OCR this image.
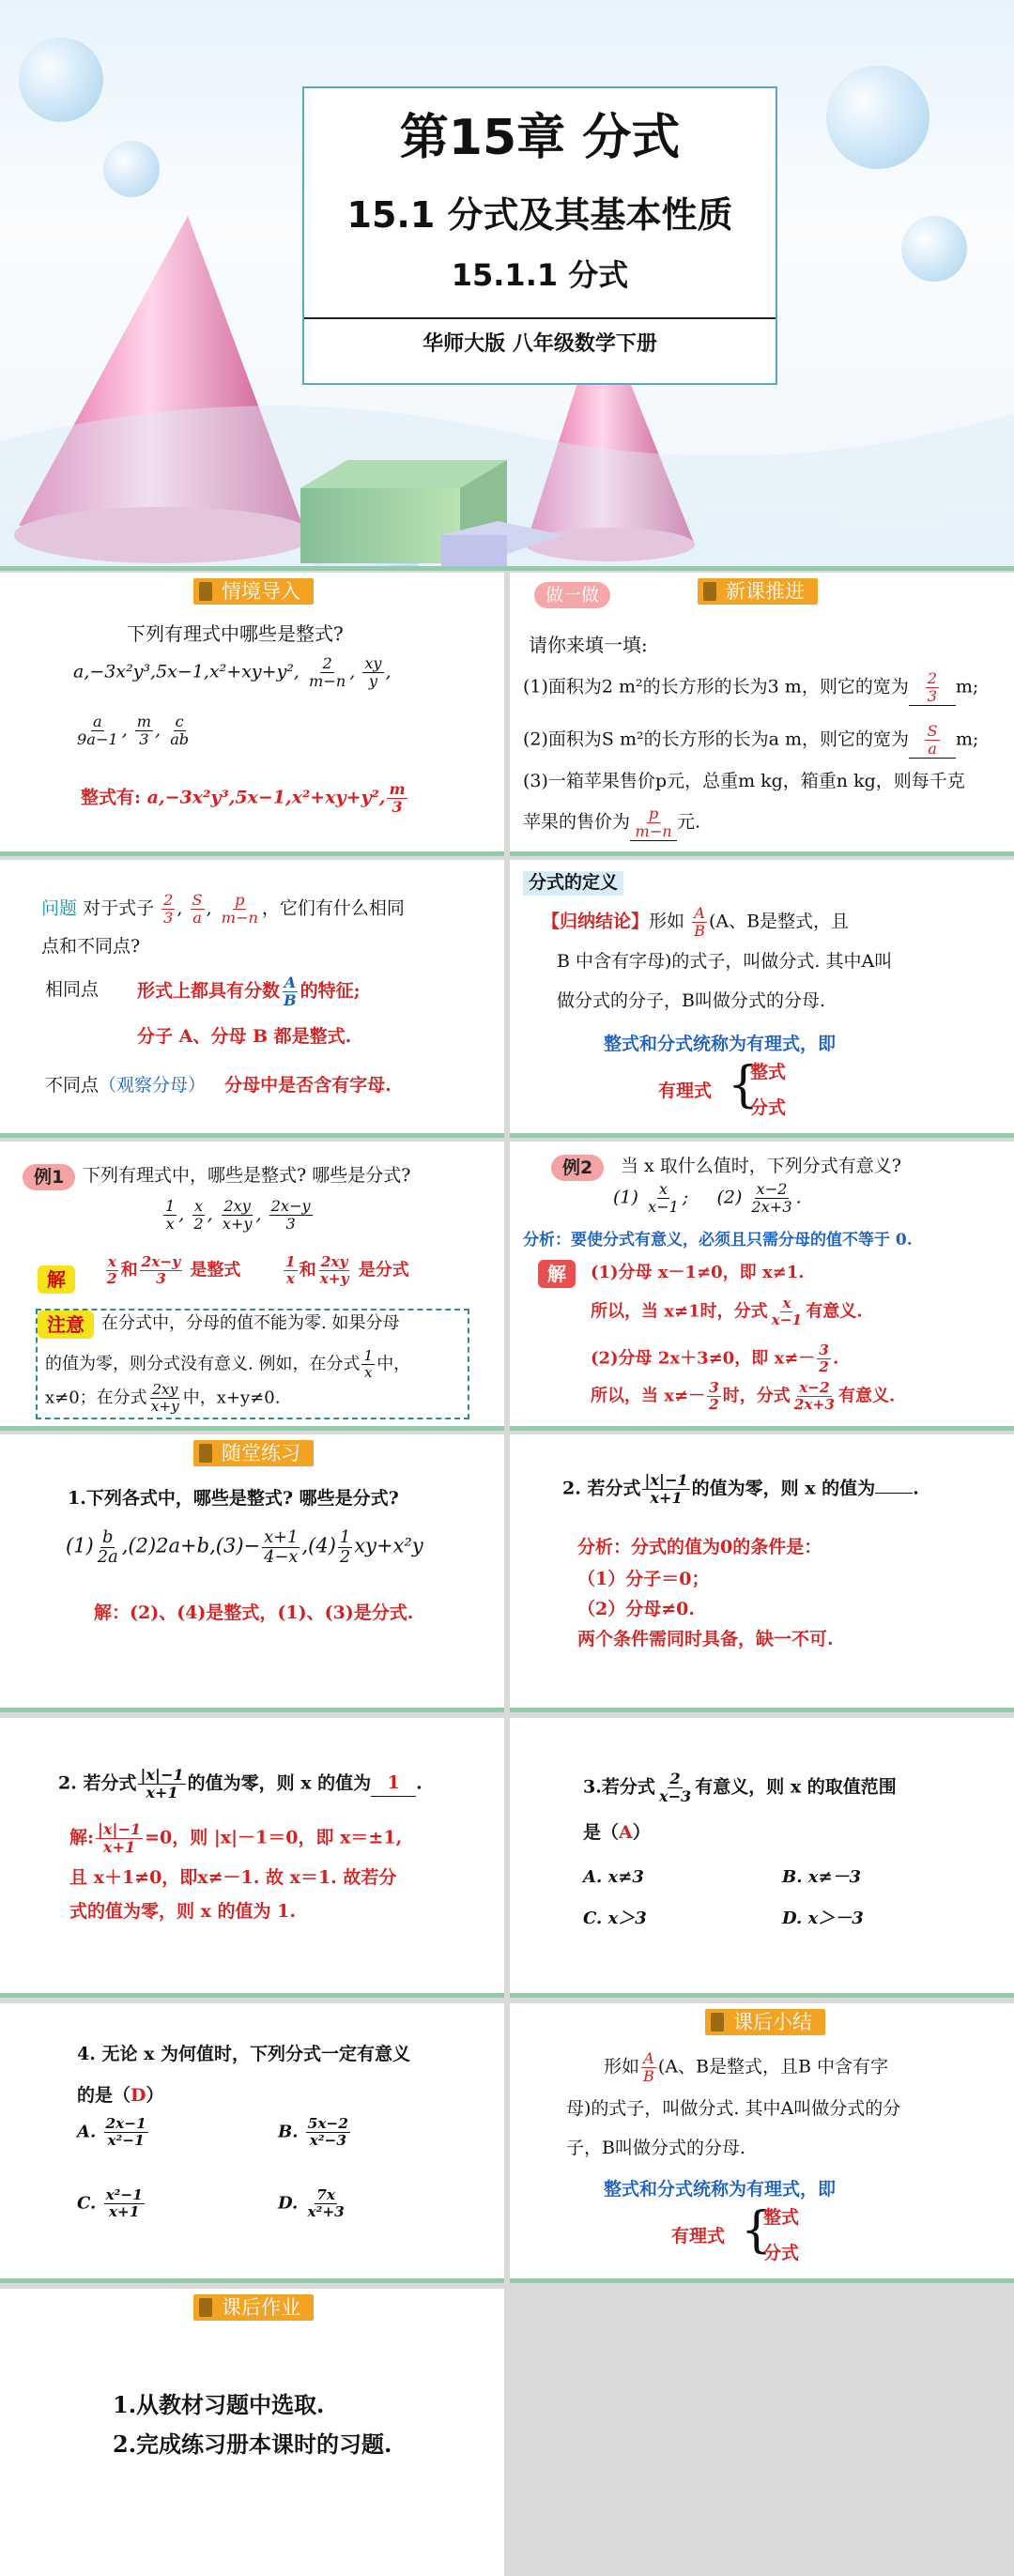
第15章 分式
15.1 分式及其基本性质
15.1.1 分式
华师大版 八年级数学下册
情境导入
下列有理式中哪些是整式?
a,−3x²y³,5x−1,x²+xy+y², $\frac{2}{m-n}$ , $\frac{xy}{y}$ ,
$\frac{a}{9a-1}$ , $\frac{m}{3}$ , $\frac{c}{ab}$
整式有: a,−3x²y³,5x−1,x²+xy+y², $\frac{m}{3}$
做一做	新课推进
请你来填一填:
(1)面积为2 m²的长方形的长为3 m，则它的宽为 $\frac{2}{3} m$;
(2)面积为S m²的长方形的长为a m，则它的宽为 $\frac{S}{a} m$;
(3)一箱苹果售价p元，总重m kg，箱重n kg，则每千克
苹果的售价为 $\frac{p}{m-n}$ 元.
问题 对于式子 $\frac{2}{3}$ , $\frac{S}{a}$ , $\frac{p}{m-n}$ ，它们有什么相同
点和不同点?
相同点 形式上都具有分数 $\frac{A}{B}$ 的特征;
分子 A、分母 B 都是整式.
不同点（观察分母） 分母中是否含有字母.
分式的定义
【归纳结论】形如 $\frac{A}{B} (A$、B是整式，且
B 中含有字母)的式子，叫做分式. 其中A叫
做分式的分子，B叫做分式的分母.
整式和分式统称为有理式，即
有理式 {
整式
分式
例1	下列有理式中，哪些是整式? 哪些是分式?
$\frac{1}{x}$ , $\frac{x}{2}$ , $\frac{2xy}{x+y}$ , $\frac{2x-y}{3}$
解	$\frac{x}{2}$ 和 $\frac{2x-y}{3}$ 是整式	$\frac{1}{x}$ 和 $\frac{2xy}{x+y}$ 是分式
注意	在分式中，分母的值不能为零. 如果分母
的值为零，则分式没有意义. 例如，在分式 $\frac{1}{x}$ 中，
x≠0；在分式 $\frac{2xy}{x+y}$ 中，x+y≠0.
例2	当 x 取什么值时，下列分式有意义?
$(1) \frac{x}{x-1}$ ;     $(2) \frac{x-2}{2x+3}$ .
分析：要使分式有意义，必须且只需分母的值不等于 0.
解	(1)分母 x－1≠0，即 x≠1.
所以，当 x≠1时，分式 $\frac{x}{x-1}$ 有意义.
(2)分母 2x＋3≠0，即 $x\ne- \frac{3}{2}$ .
所以，当 $x\ne- \frac{3}{2}$ 时，分式 $\frac{x-2}{2x+3}$ 有意义.
随堂练习
1.下列各式中，哪些是整式? 哪些是分式?
$(1) \frac{b}{2a} ,(2)2a+b,(3)- \frac{x+1}{4-x} ,(4) \frac{1}{2} xy+x^2y$
解：(2)、(4)是整式，(1)、(3)是分式.
2. 若分式 $\frac{|x|-1}{x+1}$ 的值为零，则 x 的值为 .
分析：分式的值为0的条件是：
（1）分子＝0；
（2）分母≠0.
两个条件需同时具备，缺一不可.
2. 若分式 $\frac{|x|-1}{x+1}$ 的值为零，则 x 的值为 1 .
解: $\frac{|x|-1}{x+1} =0$，则 |x|－1＝0，即 x＝±1,
且 x＋1≠0，即x≠－1. 故 x＝1. 故若分
式的值为零，则 x 的值为 1.
3.若分式 $\frac{2}{x-3}$ 有意义，则 x 的取值范围
是（A）
A. x≠3	B. x≠－3
C. x＞3	D. x＞－3
4. 无论 x 为何值时，下列分式一定有意义
的是（D）
A. $\frac{2x-1}{\text{x²−1}}$	B. $\frac{5x-2}{\text{x²−3}}$
C. $\frac{\text{x²−1}}{x+1}$	D. $\frac{7x}{\text{x²+3}}$
课后小结
形如 $\frac{A}{B} (A$、B是整式，且B 中含有字
母)的式子，叫做分式. 其中A叫做分式的分
子，B叫做分式的分母.
整式和分式统称为有理式，即
有理式 {
整式
分式
课后作业
1.从教材习题中选取.
2.完成练习册本课时的习题.
